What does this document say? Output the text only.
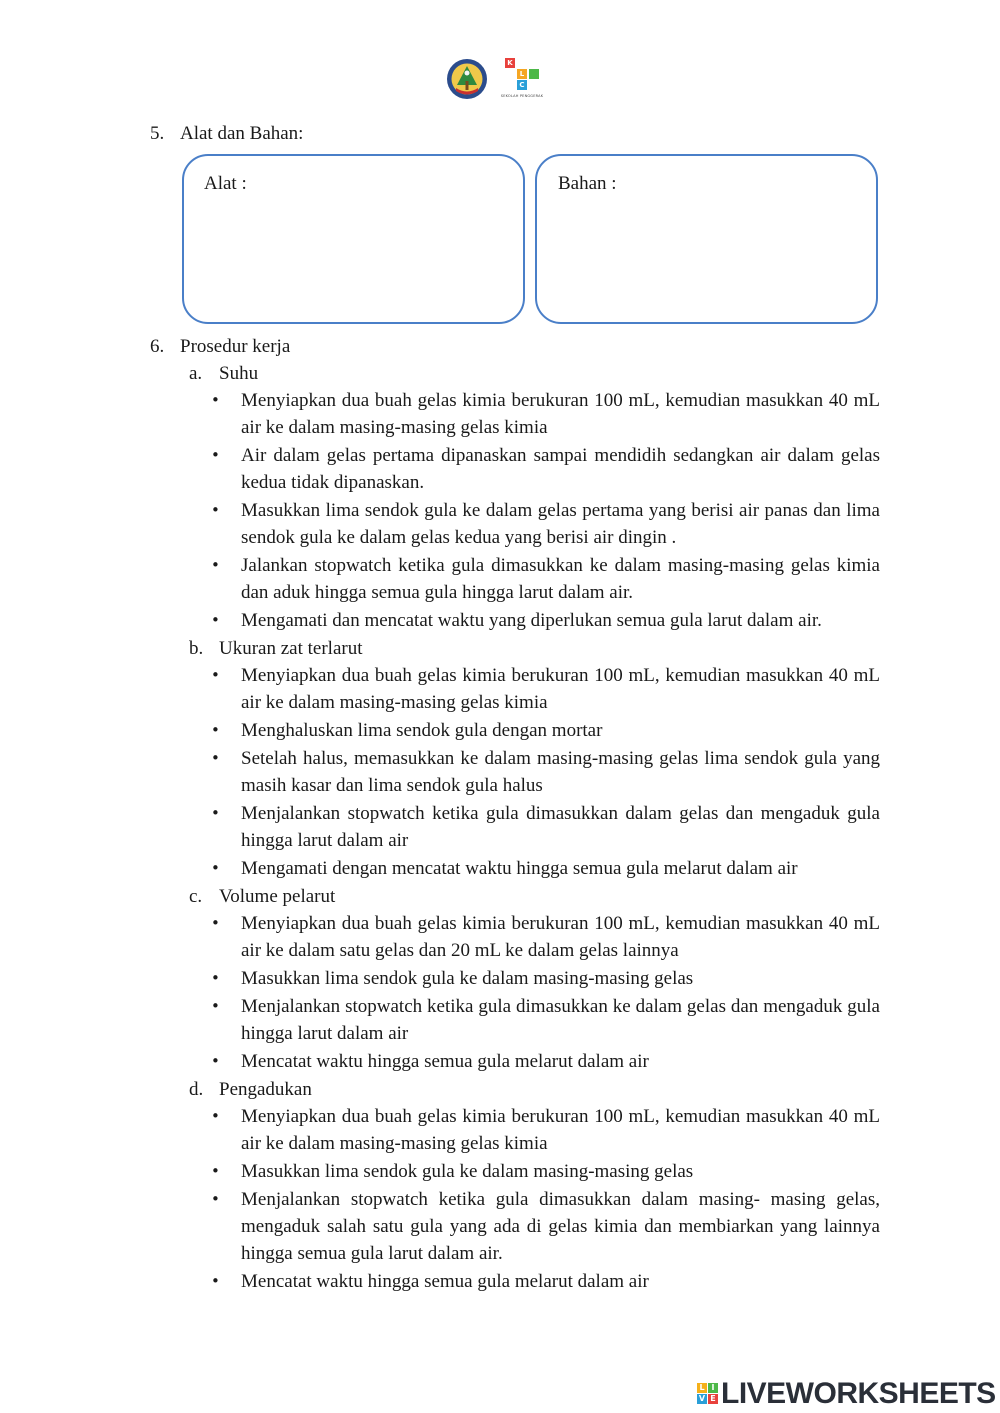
K
L
C
SEKOLAH PENGGERAK
5. Alat dan Bahan:
Alat :	Bahan :
6. Prosedur kerja
a. Suhu
• Menyiapkan dua buah gelas kimia berukuran 100 mL, kemudian masukkan 40 mL air ke dalam masing-masing gelas kimia
• Air dalam gelas pertama dipanaskan sampai mendidih sedangkan air dalam gelas kedua tidak dipanaskan.
• Masukkan lima sendok gula ke dalam gelas pertama yang berisi air panas dan lima sendok gula ke dalam gelas kedua yang berisi air dingin .
• Jalankan stopwatch ketika gula dimasukkan ke dalam masing-masing gelas kimia dan aduk hingga semua gula hingga larut dalam air.
• Mengamati dan mencatat waktu yang diperlukan semua gula larut dalam air.
b. Ukuran zat terlarut
• Menyiapkan dua buah gelas kimia berukuran 100 mL, kemudian masukkan 40 mL air ke dalam masing-masing gelas kimia
• Menghaluskan lima sendok gula dengan mortar
• Setelah halus, memasukkan ke dalam masing-masing gelas lima sendok gula yang masih kasar dan lima sendok gula halus
• Menjalankan stopwatch ketika gula dimasukkan dalam gelas dan mengaduk gula hingga larut dalam air
• Mengamati dengan mencatat waktu hingga semua gula melarut dalam air
c. Volume pelarut
• Menyiapkan dua buah gelas kimia berukuran 100 mL, kemudian masukkan 40 mL air ke dalam satu gelas dan 20 mL ke dalam gelas lainnya
• Masukkan lima sendok gula ke dalam masing-masing gelas
• Menjalankan stopwatch ketika gula dimasukkan ke dalam gelas dan mengaduk gula hingga larut dalam air
• Mencatat waktu hingga semua gula melarut dalam air
d. Pengadukan
• Menyiapkan dua buah gelas kimia berukuran 100 mL, kemudian masukkan 40 mL air ke dalam masing-masing gelas kimia
• Masukkan lima sendok gula ke dalam masing-masing gelas
• Menjalankan stopwatch ketika gula dimasukkan dalam masing- masing gelas, mengaduk salah satu gula yang ada di gelas kimia dan membiarkan yang lainnya hingga semua gula larut dalam air.
• Mencatat waktu hingga semua gula melarut dalam air
L I
V E LIVEWORKSHEETS
